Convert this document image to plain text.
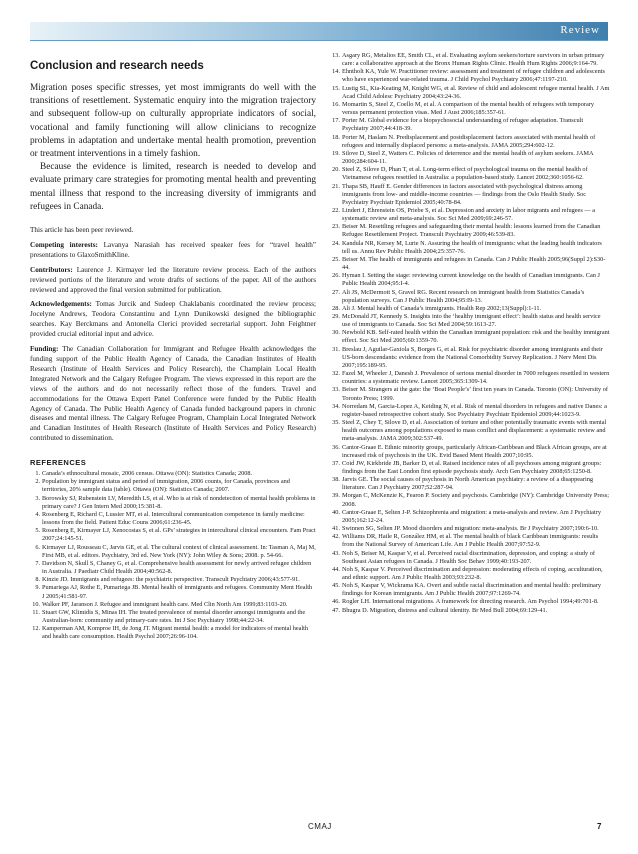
Review
Conclusion and research needs

Migration poses specific stresses, yet most immigrants do well with the transitions of resettlement. Systematic enquiry into the migration trajectory and subsequent follow-up on culturally appropriate indicators of social, vocational and family functioning will allow clinicians to recognize problems in adaptation and undertake mental health promotion, prevention or treatment interventions in a timely fashion.

Because the evidence is limited, research is needed to develop and evaluate primary care strategies for promoting mental health and preventing mental illness that respond to the increasing diversity of immigrants and refugees in Canada.

This article has been peer reviewed.

Competing interests: Lavanya Narasiah has received speaker fees for “travel health” presentations to GlaxoSmithKline.

Contributors: Laurence J. Kirmayer led the literature review process. Each of the authors reviewed portions of the literature and wrote drafts of sections of the paper. All of the authors reviewed and approved the final version submitted for publication.

Acknowledgements: Tomas Jurcik and Sudeep Chaklabanis coordinated the review process; Jocelyne Andrews, Teodora Constantinu and Lynn Dunikowski designed the bibliographic searches. Kay Berckmans and Antonella Clerici provided secretarial support. John Feightner provided crucial editorial input and advice.

Funding: The Canadian Collaboration for Immigrant and Refugee Health acknowledges the funding support of the Public Health Agency of Canada, the Canadian Institutes of Health Research (Institute of Health Services and Policy Research), the Champlain Local Health Integrated Network and the Calgary Refugee Program. The views expressed in this report are the views of the authors and do not necessarily reflect those of the funders. Travel and accommodations for the Ottawa Expert Panel Conference were funded by the Public Health Agency of Canada. The Public Health Agency of Canada funded background papers in chronic diseases and mental illness. The Calgary Refugee Program, Champlain Local Integrated Network and Canadian Institutes of Health Research (Institute of Health Services and Policy Research) contributed to dissemination.

REFERENCES
1. Canada’s ethnocultural mosaic, 2006 census. Ottawa (ON): Statistics Canada; 2008.
2. Population by immigrant status and period of immigration, 2006 counts, for Canada, provinces and territories, 20% sample data (table). Ottawa (ON): Statistics Canada; 2007.
3. Borowsky SJ, Rubenstein LV, Meredith LS, et al. Who is at risk of nondetection of mental health problems in primary care? J Gen Intern Med 2000;15:381-8.
4. Rosenberg E, Richard C, Lussier MT, et al. Intercultural communication competence in family medicine: lessons from the field. Patient Educ Couns 2006;61:236-45.
5. Rosenberg E, Kirmayer LJ, Xenocostas S, et al. GPs’ strategies in intercultural clinical encounters. Fam Pract 2007;24:145-51.
6. Kirmayer LJ, Rousseau C, Jarvis GE, et al. The cultural context of clinical assessment. In: Tasman A, Maj M, First MB, et al. editors. Psychiatry, 3rd ed. New York (NY): John Wiley & Sons; 2008. p. 54-66.
7. Davidson N, Skull S, Chaney G, et al. Comprehensive health assessment for newly arrived refugee children in Australia. J Paediatr Child Health 2004;40:562-8.
8. Kinzie JD. Immigrants and refugees: the psychiatric perspective. Transcult Psychiatry 2006;43:577-91.
9. Pumariega AJ, Rothe E, Pumariega JB. Mental health of immigrants and refugees. Community Ment Health J 2005;41:581-97.
10. Walker PF, Jaranson J. Refugee and immigrant health care. Med Clin North Am 1999;83:1103-20.
11. Stuart GW, Klimidis S, Minas IH. The treated prevalence of mental disorder amongst immigrants and the Australian-born: community and primary-care rates. Int J Soc Psychiatry 1998;44:22-34.
12. Kamperman AM, Komproe IH, de Jong JT. Migrant mental health: a model for indicators of mental health and health care consumption. Health Psychol 2007;26:96-104.
13. Asgary RG, Metalios EE, Smith CL, et al. Evaluating asylum seekers/torture survivors in urban primary care: a collaborative approach at the Bronx Human Rights Clinic. Health Hum Rights 2006;9:164-79.
14. Ehntholt KA, Yule W. Practitioner review: assessment and treatment of refugee children and adolescents who have experienced war-related trauma. J Child Psychol Psychiatry 2006;47:1197-210.
15. Lustig SL, Kia-Keating M, Knight WG, et al. Review of child and adolescent refugee mental health. J Am Acad Child Adolesc Psychiatry 2004;43:24-36.
16. Momartin S, Steel Z, Coello M, et al. A comparison of the mental health of refugees with temporary versus permanent protection visas. Med J Aust 2006;185:357-61.
17. Porter M. Global evidence for a biopsychosocial understanding of refugee adaptation. Transcult Psychiatry 2007;44:418-39.
18. Porter M, Haslam N. Predisplacement and postdisplacement factors associated with mental health of refugees and internally displaced persons: a meta-analysis. JAMA 2005;294:602-12.
19. Silove D, Steel Z, Watters C. Policies of deterrence and the mental health of asylum seekers. JAMA 2000;284:604-11.
20. Steel Z, Silove D, Phan T, et al. Long-term effect of psychological trauma on the mental health of Vietnamese refugees resettled in Australia: a population-based study. Lancet 2002;360:1056-62.
21. Thapa SB, Hauff E. Gender differences in factors associated with psychological distress among immigrants from low- and middle-income countries — findings from the Oslo Health Study. Soc Psychiatry Psychiatr Epidemiol 2005;40:78-84.
22. Lindert J, Ehrenstein OS, Priebe S, et al. Depression and anxiety in labor migrants and refugees — a systematic review and meta-analysis. Soc Sci Med 2009;69:246-57.
23. Beiser M. Resettling refugees and safeguarding their mental health: lessons learned from the Canadian Refugee Resettlement Project. Transcult Psychiatry 2009;46:539-83.
24. Kandula NR, Kersey M, Lurie N. Assuring the health of immigrants: what the leading health indicators tell us. Annu Rev Public Health 2004;25:357-76.
25. Beiser M. The health of immigrants and refugees in Canada. Can J Public Health 2005;96(Suppl 2):S30-44.
26. Hyman I. Setting the stage: reviewing current knowledge on the health of Canadian immigrants. Can J Public Health 2004;95:I-4.
27. Ali JS, McDermott S, Gravel RG. Recent research on immigrant health from Statistics Canada’s population surveys. Can J Public Health 2004;95:I9-13.
28. Ali J. Mental health of Canada’s immigrants. Health Rep 2002;13(Suppl):1-11.
29. McDonald JT, Kennedy S. Insights into the ‘healthy immigrant effect’: health status and health service use of immigrants to Canada. Soc Sci Med 2004;59:1613-27.
30. Newbold KB. Self-rated health within the Canadian immigrant population: risk and the healthy immigrant effect. Soc Sci Med 2005;60:1359-70.
31. Breslau J, Aguilar-Gaxiola S, Borges G, et al. Risk for psychiatric disorder among immigrants and their US-born descendants: evidence from the National Comorbidity Survey Replication. J Nerv Ment Dis 2007;195:189-95.
32. Fazel M, Wheeler J, Danesh J. Prevalence of serious mental disorder in 7000 refugees resettled in western countries: a systematic review. Lancet 2005;365:1309-14.
33. Beiser M. Strangers at the gate: the ‘Boat People’s’ first ten years in Canada. Toronto (ON): University of Toronto Press; 1999.
34. Norredam M, Garcia-Lopez A, Keiding N, et al. Risk of mental disorders in refugees and native Danes: a register-based retrospective cohort study. Soc Psychiatry Psychiatr Epidemiol 2009;44:1023-9.
35. Steel Z, Chey T, Silove D, et al. Association of torture and other potentially traumatic events with mental health outcomes among populations exposed to mass conflict and displacement: a systematic review and meta-analysis. JAMA 2009;302:537-49.
36. Cantor-Graae E. Ethnic minority groups, particularly African-Caribbean and Black African groups, are at increased risk of psychosis in the UK. Evid Based Ment Health 2007;10:95.
37. Coid JW, Kirkbride JB, Barker D, et al. Raised incidence rates of all psychoses among migrant groups: findings from the East London first episode psychosis study. Arch Gen Psychiatry 2008;65:1250-8.
38. Jarvis GE. The social causes of psychosis in North American psychiatry: a review of a disappearing literature. Can J Psychiatry 2007;52:287-94.
39. Morgan C, McKenzie K, Fearon P. Society and psychosis. Cambridge (NY): Cambridge University Press; 2008.
40. Cantor-Graae E, Selten J-P. Schizophrenia and migration: a meta-analysis and review. Am J Psychiatry 2005;162:12-24.
41. Swinnen SG, Selten JP. Mood disorders and migration: meta-analysis. Br J Psychiatry 2007;190:6-10.
42. Williams DR, Haile R, González HM, et al. The mental health of black Caribbean immigrants: results from the National Survey of American Life. Am J Public Health 2007;97:52-9.
43. Noh S, Beiser M, Kaspar V, et al. Perceived racial discrimination, depression, and coping: a study of Southeast Asian refugees in Canada. J Health Soc Behav 1999;40:193-207.
44. Noh S, Kaspar V. Perceived discrimination and depression: moderating effects of coping, acculturation, and ethnic support. Am J Public Health 2003;93:232-8.
45. Noh S, Kaspar V, Wickrama KA. Overt and subtle racial discrimination and mental health: preliminary findings for Korean immigrants. Am J Public Health 2007;97:1269-74.
46. Rogler LH. International migrations. A framework for directing research. Am Psychol 1994;49:701-8.
47. Bhugra D. Migration, distress and cultural identity. Br Med Bull 2004;69:129-41.
CMAJ	7
